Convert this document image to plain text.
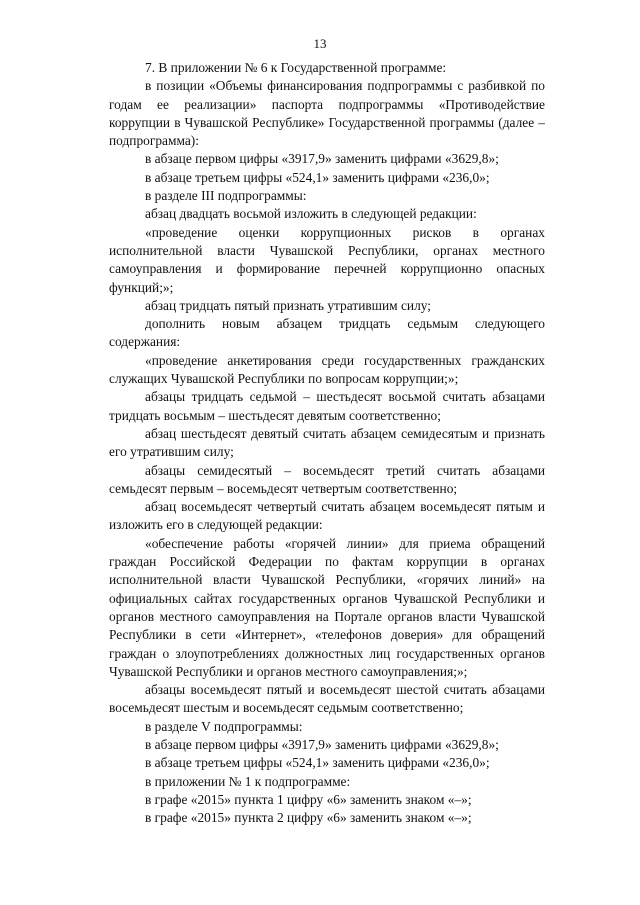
13

7. В приложении № 6 к Государственной программе:

в позиции «Объемы финансирования подпрограммы с разбивкой по годам ее реализации» паспорта подпрограммы «Противодействие коррупции в Чувашской Республике» Государственной программы (далее – подпрограмма):

в абзаце первом цифры «3917,9» заменить цифрами «3629,8»;

в абзаце третьем цифры «524,1» заменить цифрами «236,0»;

в разделе III подпрограммы:

абзац двадцать восьмой изложить в следующей редакции:

«проведение оценки коррупционных рисков в органах исполнительной власти Чувашской Республики, органах местного самоуправления и формирование перечней коррупционно опасных функций;»;

абзац тридцать пятый признать утратившим силу;

дополнить новым абзацем тридцать седьмым следующего содержания:

«проведение анкетирования среди государственных гражданских служащих Чувашской Республики по вопросам коррупции;»;

абзацы тридцать седьмой – шестьдесят восьмой считать абзацами тридцать восьмым – шестьдесят девятым соответственно;

абзац шестьдесят девятый считать абзацем семидесятым и признать его утратившим силу;

абзацы семидесятый – восемьдесят третий считать абзацами семьдесят первым – восемьдесят четвертым соответственно;

абзац восемьдесят четвертый считать абзацем восемьдесят пятым и изложить его в следующей редакции:

«обеспечение работы «горячей линии» для приема обращений граждан Российской Федерации по фактам коррупции в органах исполнительной власти Чувашской Республики, «горячих линий» на официальных сайтах государственных органов Чувашской Республики и органов местного самоуправления на Портале органов власти Чувашской Республики в сети «Интернет», «телефонов доверия» для обращений граждан о злоупотреблениях должностных лиц государственных органов Чувашской Республики и органов местного самоуправления;»;

абзацы восемьдесят пятый и восемьдесят шестой считать абзацами восемьдесят шестым и восемьдесят седьмым соответственно;

в разделе V подпрограммы:

в абзаце первом цифры «3917,9» заменить цифрами «3629,8»;

в абзаце третьем цифры «524,1» заменить цифрами «236,0»;

в приложении № 1 к подпрограмме:

в графе «2015» пункта 1 цифру «6» заменить знаком «–»;

в графе «2015» пункта 2 цифру «6» заменить знаком «–»;
